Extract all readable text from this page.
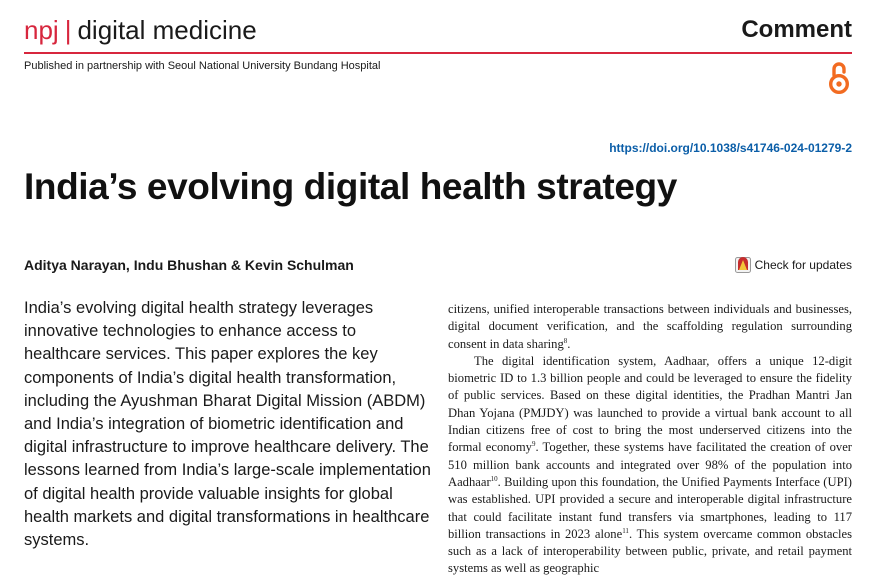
npj | digital medicine	Comment
Published in partnership with Seoul National University Bundang Hospital
https://doi.org/10.1038/s41746-024-01279-2
India’s evolving digital health strategy
Aditya Narayan, Indu Bhushan & Kevin Schulman	Check for updates
India’s evolving digital health strategy leverages innovative technologies to enhance access to healthcare services. This paper explores the key components of India’s digital health transformation, including the Ayushman Bharat Digital Mission (ABDM) and India’s integration of biometric identification and digital infrastructure to improve healthcare delivery. The lessons learned from India’s large-scale implementation of digital health provide valuable insights for global health markets and digital transformations in healthcare systems.

citizens, unified interoperable transactions between individuals and businesses, digital document verification, and the scaffolding regulation surrounding consent in data sharing$^8$.

The digital identification system, Aadhaar, offers a unique 12-digit biometric ID to 1.3 billion people and could be leveraged to ensure the fidelity of public services. Based on these digital identities, the Pradhan Mantri Jan Dhan Yojana (PMJDY) was launched to provide a virtual bank account to all Indian citizens free of cost to bring the most underserved citizens into the formal economy$^9$. Together, these systems have facilitated the creation of over 510 million bank accounts and integrated over 98% of the population into Aadhaar$^{10}$. Building upon this foundation, the Unified Payments Interface (UPI) was established. UPI provided a secure and interoperable digital infrastructure that could facilitate instant fund transfers via smartphones, leading to 117 billion transactions in 2023 alone$^{11}$. This system overcame common obstacles such as a lack of interoperability between public, private, and retail payment systems as well as geographic
